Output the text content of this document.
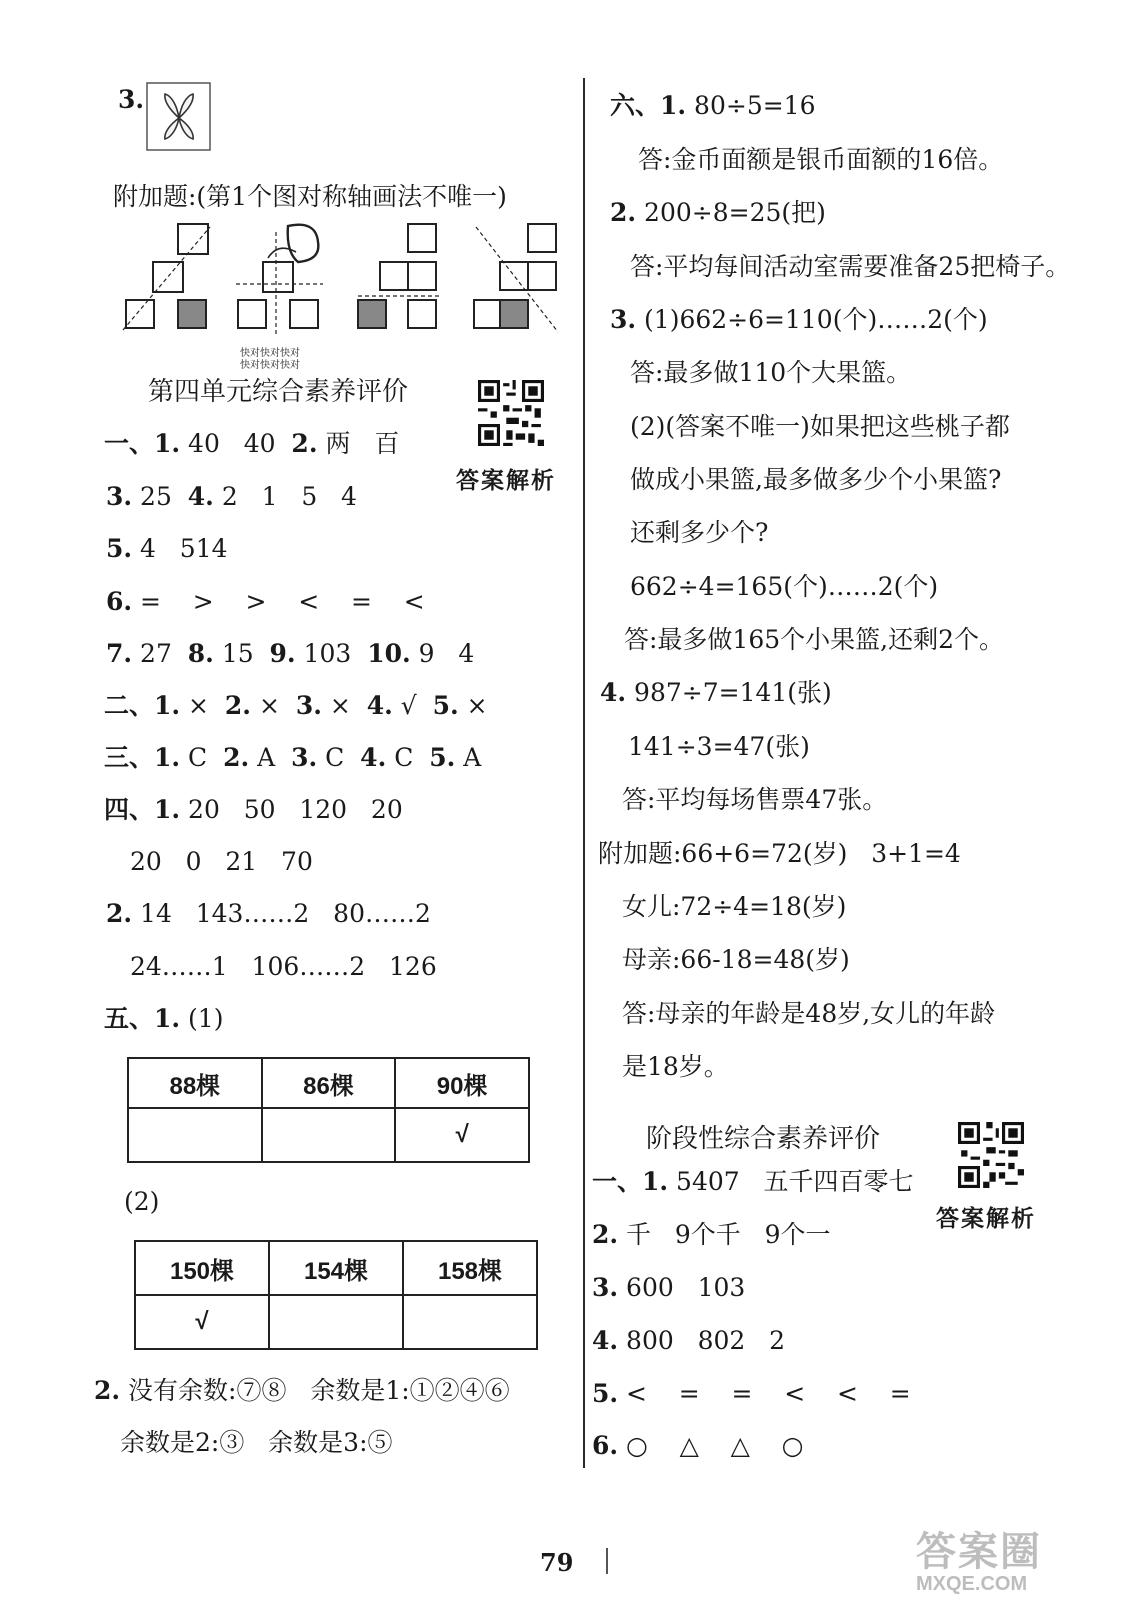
3.
附加题:(第1个图对称轴画法不唯一)
快对快对快对
快对快对快对
第四单元综合素养评价
答案解析
一、1. 40   40  2. 两   百
3. 25  4. 2   1   5   4
5. 4   514
6. =    >    >    <    =    <
7. 27  8. 15  9. 103  10. 9   4
二、1. ×  2. ×  3. ×  4. √  5. ×
三、1. C  2. A  3. C  4. C  5. A
四、1. 20   50   120   20
20   0   21   70
2. 14   143……2   80……2
24……1   106……2   126
五、1. (1)
88棵	86棵	90棵
		√
(2)
150棵	154棵	158棵
√		
2. 没有余数:⑦⑧   余数是1:①②④⑥
余数是2:③   余数是3:⑤
六、1. 80÷5=16
答:金币面额是银币面额的16倍。
2. 200÷8=25(把)
答:平均每间活动室需要准备25把椅子。
3. (1)662÷6=110(个)……2(个)
答:最多做110个大果篮。
(2)(答案不唯一)如果把这些桃子都
做成小果篮,最多做多少个小果篮?
还剩多少个?
662÷4=165(个)……2(个)
答:最多做165个小果篮,还剩2个。
4. 987÷7=141(张)
141÷3=47(张)
答:平均每场售票47张。
附加题:66+6=72(岁)   3+1=4
女儿:72÷4=18(岁)
母亲:66-18=48(岁)
答:母亲的年龄是48岁,女儿的年龄
是18岁。
阶段性综合素养评价
答案解析
一、1. 5407   五千四百零七
2. 千   9个千   9个一
3. 600   103
4. 800   802   2
5. <    =    =    <    <    =
6. ○    △    △    ○
79	答案圈
MXQE.COM
